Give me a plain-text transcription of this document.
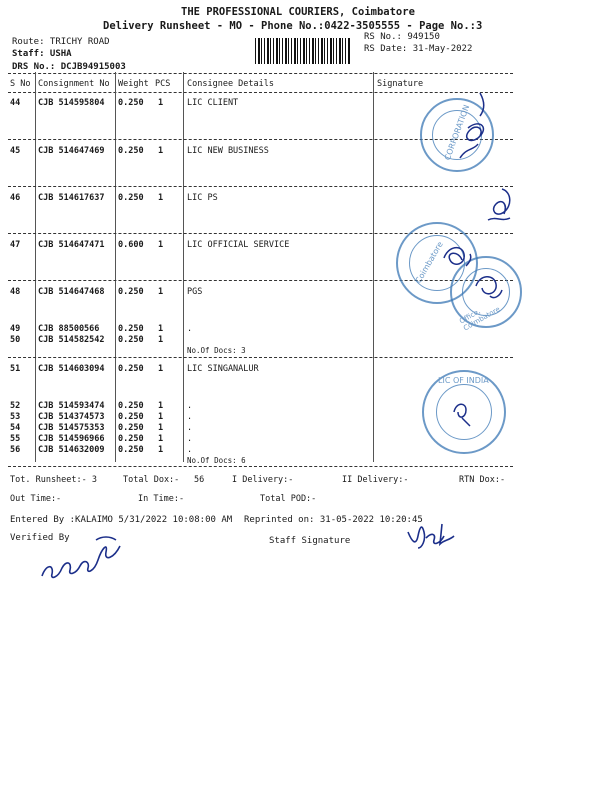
THE PROFESSIONAL COURIERS, Coimbatore
Delivery Runsheet - MO - Phone No.:0422-3505555 - Page No.:3
Route: TRICHY ROAD
Staff: USHA
DRS No.: DCJB94915003
RS No.: 949150
RS Date: 31-May-2022
S No Consignment No Weight PCS Consignee Details	Signature
44 CJB 514595804 0.250 1	LIC CLIENT
45 CJB 514647469 0.250 1	LIC NEW BUSINESS
46 CJB 514617637 0.250 1	LIC PS
47 CJB 514647471 0.600 1	LIC OFFICIAL SERVICE
48 CJB 514647468 0.250 1	PGS
49 CJB 88500566 0.250 1	.
50 CJB 514582542 0.250 1
No.Of Docs: 3
51 CJB 514603094 0.250 1	LIC SINGANALUR
52 CJB 514593474 0.250 1	.
53 CJB 514374573 0.250 1	.
54 CJB 514575353 0.250 1	.
55 CJB 514596966 0.250 1	.
56 CJB 514632009 0.250 1	.
No.Of Docs: 6
Tot. Runsheet:- 3	Total Dox:- 56	I Delivery:-	II Delivery:-	RTN Dox:-
Out Time:-	In Time:-	Total POD:-
Entered By :KALAIMO 5/31/2022 10:08:00 AM Reprinted on: 31-05-2022 10:20:45
Verified By	Staff Signature
CORPORATION
Coimbatore
Office, Coimbatore
LIC OF INDIA
